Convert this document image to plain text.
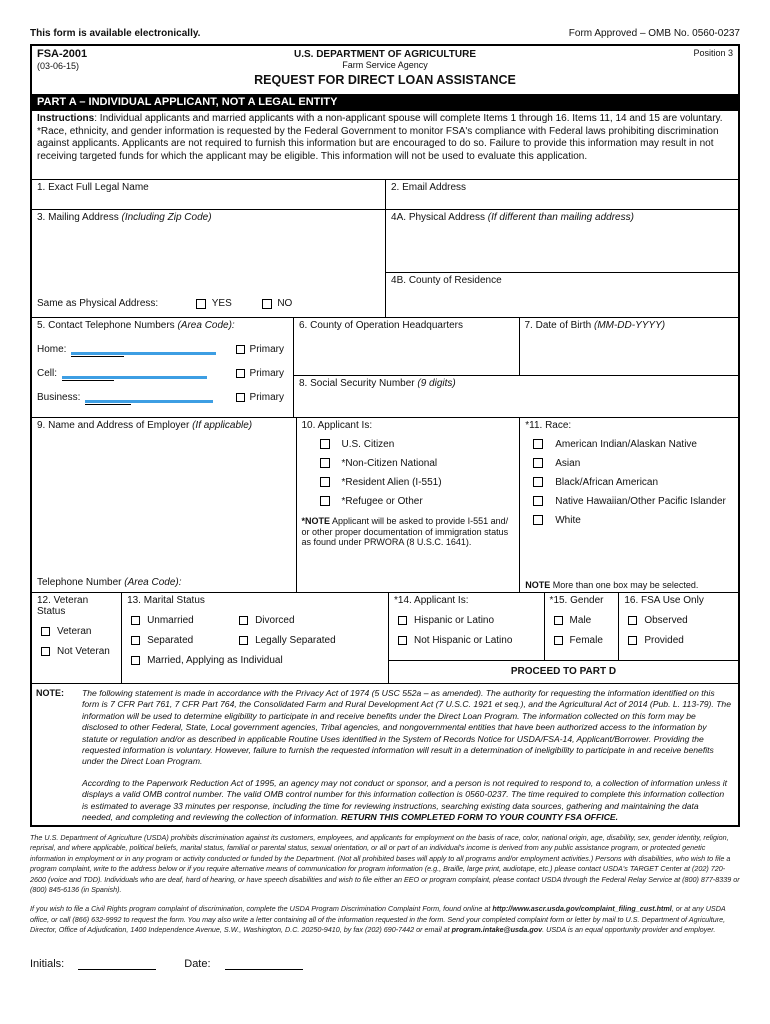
This form is available electronically.	Form Approved – OMB No. 0560-0237
FSA-2001
(03-06-15)
U.S. DEPARTMENT OF AGRICULTURE
Farm Service Agency
Position 3
REQUEST FOR DIRECT LOAN ASSISTANCE
PART A – INDIVIDUAL APPLICANT, NOT A LEGAL ENTITY
Instructions: Individual applicants and married applicants with a non-applicant spouse will complete Items 1 through 16. Items 11, 14 and 15 are voluntary. *Race, ethnicity, and gender information is requested by the Federal Government to monitor FSA's compliance with Federal laws prohibiting discrimination against applicants. Applicants are not required to furnish this information but are encouraged to do so. Failure to provide this information may result in not receiving targeted funds for which the applicant may be eligible. This information will not be used to evaluate this application.
1. Exact Full Legal Name	2. Email Address
3. Mailing Address (Including Zip Code)
Same as Physical Address:
	YES
	NO
4A. Physical Address (If different than mailing address)
4B. County of Residence
5. Contact Telephone Numbers (Area Code):
Home:	Primary
Cell:	Primary
Business:	Primary
6. County of Operation Headquarters	7. Date of Birth (MM-DD-YYYY)
8. Social Security Number (9 digits)
9. Name and Address of Employer (If applicable)
Telephone Number (Area Code):
10. Applicant Is:
U.S. Citizen
*Non-Citizen National
*Resident Alien (I-551)
*Refugee or Other
*NOTE Applicant will be asked to provide I-551 and/ or other proper documentation of immigration status as found under PRWORA (8 U.S.C. 1641).
*11. Race:
American Indian/Alaskan Native
Asian
Black/African American
Native Hawaiian/Other Pacific Islander
White
NOTE More than one box may be selected.
12. Veteran Status
Veteran
Not Veteran
13. Marital Status
Unmarried	Divorced
Separated	Legally Separated
Married, Applying as Individual
*14. Applicant Is:
Hispanic or Latino
Not Hispanic or Latino
*15. Gender
Male
Female
16. FSA Use Only
Observed
Provided
PROCEED TO PART D
NOTE:	The following statement is made in accordance with the Privacy Act of 1974 (5 USC 552a – as amended). The authority for requesting the information identified on this form is 7 CFR Part 761, 7 CFR Part 764, the Consolidated Farm and Rural Development Act (7 U.S.C. 1921 et seq.), and the Agricultural Act of 2014 (Pub. L. 113-79). The information will be used to determine eligibility to participate in and receive benefits under the Direct Loan Program. The information collected on this form may be disclosed to other Federal, State, Local government agencies, Tribal agencies, and nongovernmental entities that have been authorized access to the information by statute or regulation and/or as described in applicable Routine Uses identified in the System of Records Notice for USDA/FSA-14, Applicant/Borrower. Providing the requested information is voluntary. However, failure to furnish the requested information will result in a determination of ineligibility to participate in and receive benefits under the Direct Loan Program.

According to the Paperwork Reduction Act of 1995, an agency may not conduct or sponsor, and a person is not required to respond to, a collection of information unless it displays a valid OMB control number. The valid OMB control number for this information collection is 0560-0237. The time required to complete this information collection is estimated to average 33 minutes per response, including the time for reviewing instructions, searching existing data sources, gathering and maintaining the data needed, and completing and reviewing the collection of information. RETURN THIS COMPLETED FORM TO YOUR COUNTY FSA OFFICE.

The U.S. Department of Agriculture (USDA) prohibits discrimination against its customers, employees, and applicants for employment on the basis of race, color, national origin, age, disability, sex, gender identity, religion, reprisal, and where applicable, political beliefs, marital status, familial or parental status, sexual orientation, or all or part of an individual's income is derived from any public assistance program, or protected genetic information in employment or in any program or activity conducted or funded by the Department. (Not all prohibited bases will apply to all programs and/or employment activities.) Persons with disabilities, who wish to file a program complaint, write to the address below or if you require alternative means of communication for program information (e.g., Braille, large print, audiotape, etc.) please contact USDA's TARGET Center at (202) 720-2600 (voice and TDD). Individuals who are deaf, hard of hearing, or have speech disabilities and wish to file either an EEO or program complaint, please contact USDA through the Federal Relay Service at (800) 877-8339 or (800) 845-6136 (in Spanish).

If you wish to file a Civil Rights program complaint of discrimination, complete the USDA Program Discrimination Complaint Form, found online at http://www.ascr.usda.gov/complaint_filing_cust.html, or at any USDA office, or call (866) 632-9992 to request the form. You may also write a letter containing all of the information requested in the form. Send your completed complaint form or letter by mail to U.S. Department of Agriculture, Director, Office of Adjudication, 1400 Independence Avenue, S.W., Washington, D.C. 20250-9410, by fax (202) 690-7442 or email at program.intake@usda.gov. USDA is an equal opportunity provider and employer.

Initials:	Date:
